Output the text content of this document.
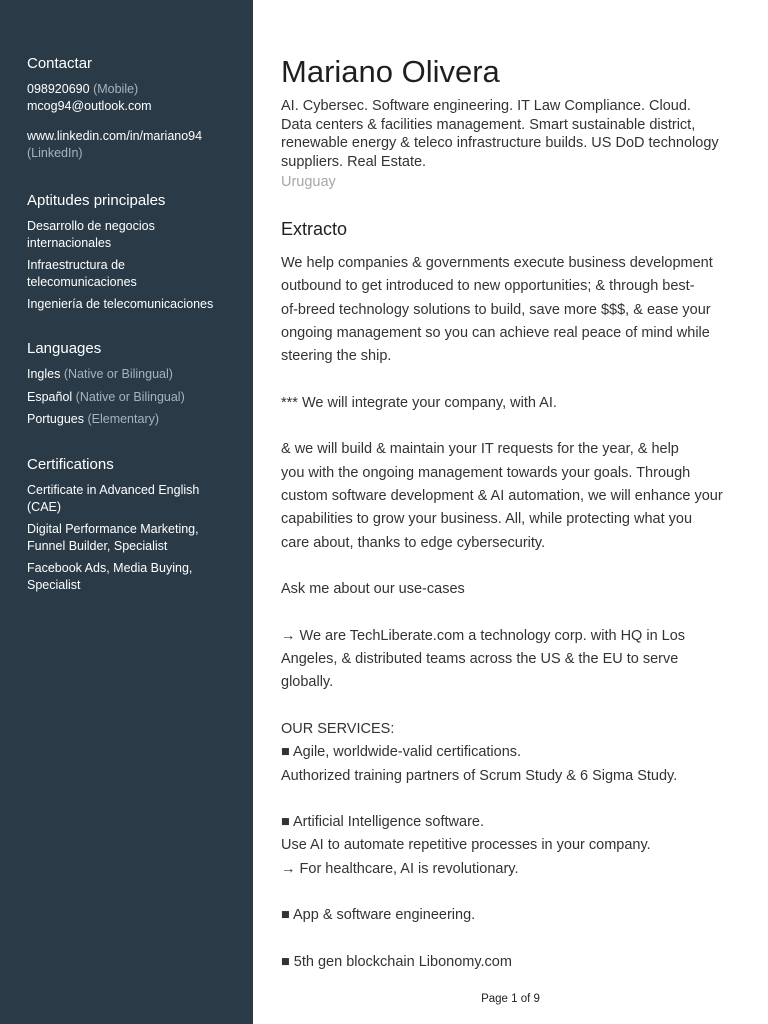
Contactar
098920690 (Mobile)
mcog94@outlook.com
www.linkedin.com/in/mariano94
(LinkedIn)
Aptitudes principales
Desarrollo de negocios
internacionales
Infraestructura de
telecomunicaciones
Ingeniería de telecomunicaciones
Languages
Ingles (Native or Bilingual)
Español (Native or Bilingual)
Portugues (Elementary)
Certifications
Certificate in Advanced English
(CAE)
Digital Performance Marketing,
Funnel Builder, Specialist
Facebook Ads, Media Buying,
Specialist
Mariano Olivera
AI. Cybersec. Software engineering. IT Law Compliance. Cloud.
Data centers & facilities management. Smart sustainable district,
renewable energy & teleco infrastructure builds. US DoD technology
suppliers. Real Estate.
Uruguay
Extracto
We help companies & governments execute business development
outbound to get introduced to new opportunities; & through best-
of-breed technology solutions to build, save more $$$, & ease your
ongoing management so you can achieve real peace of mind while
steering the ship.
*** We will integrate your company, with AI.
& we will build & maintain your IT requests for the year, & help
you with the ongoing management towards your goals. Through
custom software development & AI automation, we will enhance your
capabilities to grow your business. All, while protecting what you
care about, thanks to edge cybersecurity.
Ask me about our use-cases
→ We are TechLiberate.com a technology corp. with HQ in Los
Angeles, & distributed teams across the US & the EU to serve
globally.
OUR SERVICES:
■ Agile, worldwide-valid certifications.
Authorized training partners of Scrum Study & 6 Sigma Study.
■ Artificial Intelligence software.
Use AI to automate repetitive processes in your company.
→ For healthcare, AI is revolutionary.
■ App & software engineering.
■ 5th gen blockchain Libonomy.com
Page 1 of 9
